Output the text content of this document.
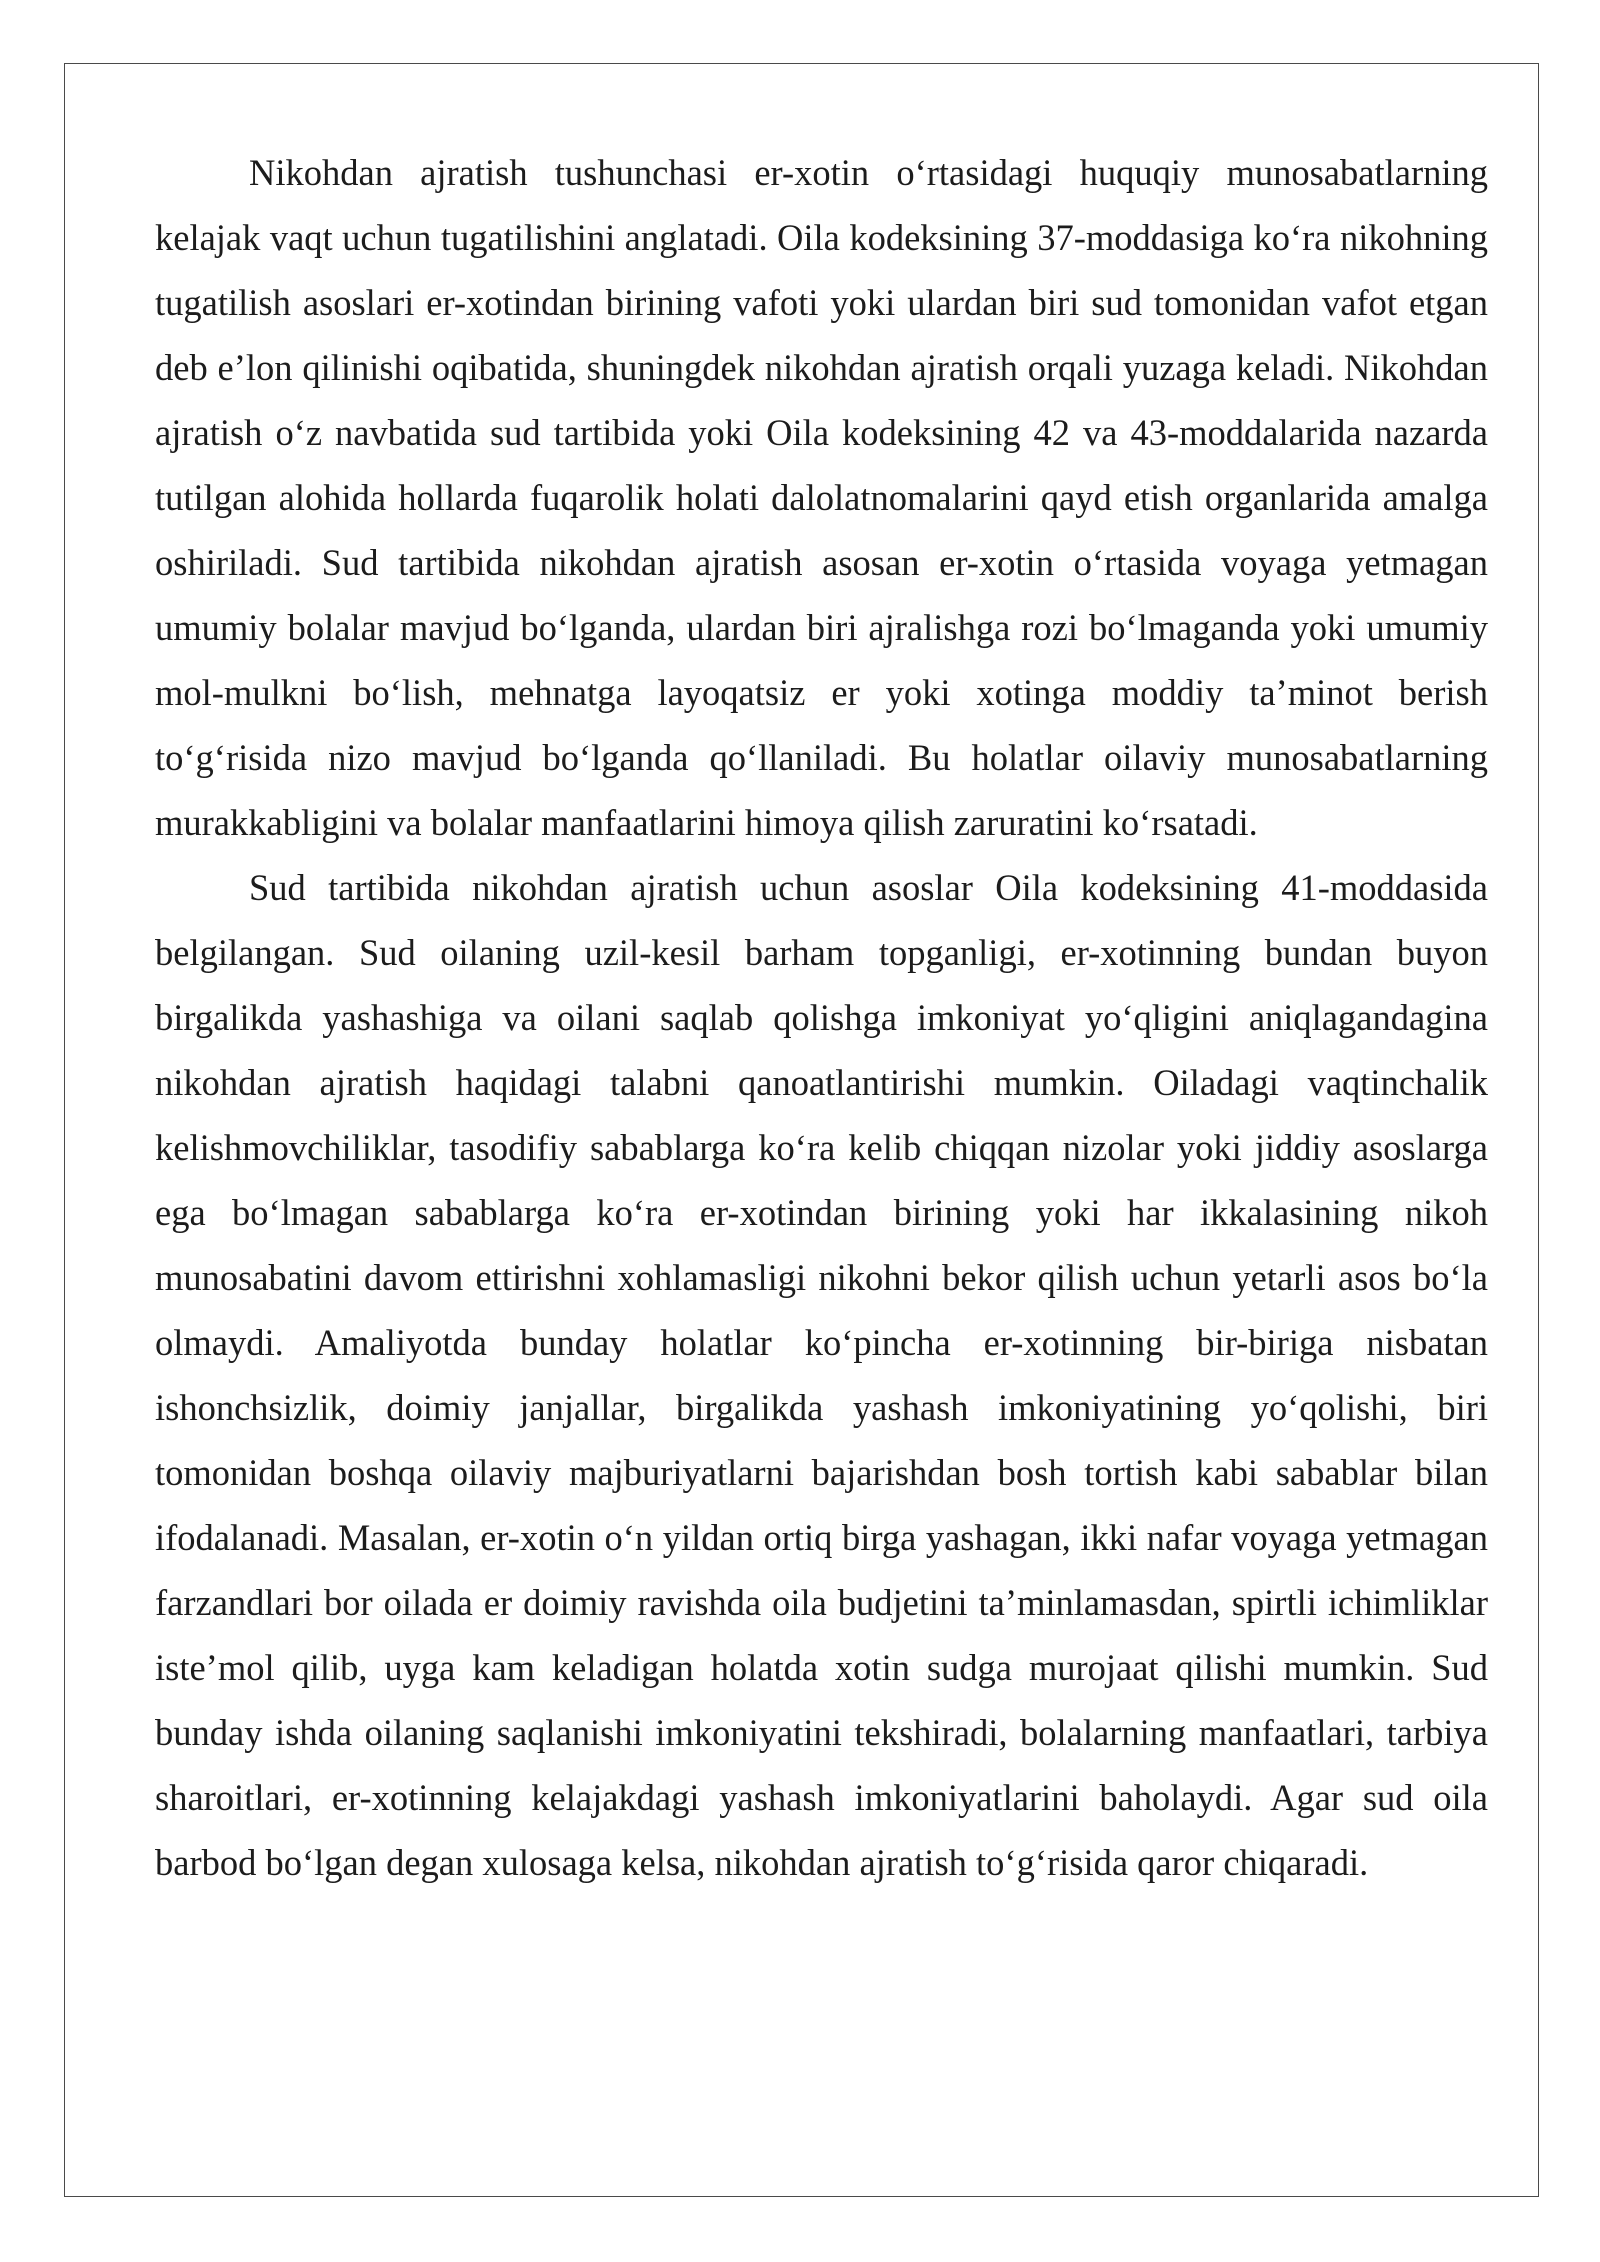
Nikohdan ajratish tushunchasi er-xotin o‘rtasidagi huquqiy munosabatlarning kelajak vaqt uchun tugatilishini anglatadi. Oila kodeksining 37-moddasiga ko‘ra nikohning tugatilish asoslari er-xotindan birining vafoti yoki ulardan biri sud tomonidan vafot etgan deb e’lon qilinishi oqibatida, shuningdek nikohdan ajratish orqali yuzaga keladi. Nikohdan ajratish o‘z navbatida sud tartibida yoki Oila kodeksining 42 va 43-moddalarida nazarda tutilgan alohida hollarda fuqarolik holati dalolatnomalarini qayd etish organlarida amalga oshiriladi. Sud tartibida nikohdan ajratish asosan er-xotin o‘rtasida voyaga yetmagan umumiy bolalar mavjud bo‘lganda, ulardan biri ajralishga rozi bo‘lmaganda yoki umumiy mol-mulkni bo‘lish, mehnatga layoqatsiz er yoki xotinga moddiy ta’minot berish to‘g‘risida nizo mavjud bo‘lganda qo‘llaniladi. Bu holatlar oilaviy munosabatlarning murakkabligini va bolalar manfaatlarini himoya qilish zaruratini ko‘rsatadi.

Sud tartibida nikohdan ajratish uchun asoslar Oila kodeksining 41-moddasida belgilangan. Sud oilaning uzil-kesil barham topganligi, er-xotinning bundan buyon birgalikda yashashiga va oilani saqlab qolishga imkoniyat yo‘qligini aniqlagandagina nikohdan ajratish haqidagi talabni qanoatlantirishi mumkin. Oiladagi vaqtinchalik kelishmovchiliklar, tasodifiy sabablarga ko‘ra kelib chiqqan nizolar yoki jiddiy asoslarga ega bo‘lmagan sabablarga ko‘ra er-xotindan birining yoki har ikkalasining nikoh munosabatini davom ettirishni xohlamasligi nikohni bekor qilish uchun yetarli asos bo‘la olmaydi. Amaliyotda bunday holatlar ko‘pincha er-xotinning bir-biriga nisbatan ishonchsizlik, doimiy janjallar, birgalikda yashash imkoniyatining yo‘qolishi, biri tomonidan boshqa oilaviy majburiyatlarni bajarishdan bosh tortish kabi sabablar bilan ifodalanadi. Masalan, er-xotin o‘n yildan ortiq birga yashagan, ikki nafar voyaga yetmagan farzandlari bor oilada er doimiy ravishda oila budjetini ta’minlamasdan, spirtli ichimliklar iste’mol qilib, uyga kam keladigan holatda xotin sudga murojaat qilishi mumkin. Sud bunday ishda oilaning saqlanishi imkoniyatini tekshiradi, bolalarning manfaatlari, tarbiya sharoitlari, er-xotinning kelajakdagi yashash imkoniyatlarini baholaydi. Agar sud oila barbod bo‘lgan degan xulosaga kelsa, nikohdan ajratish to‘g‘risida qaror chiqaradi.
